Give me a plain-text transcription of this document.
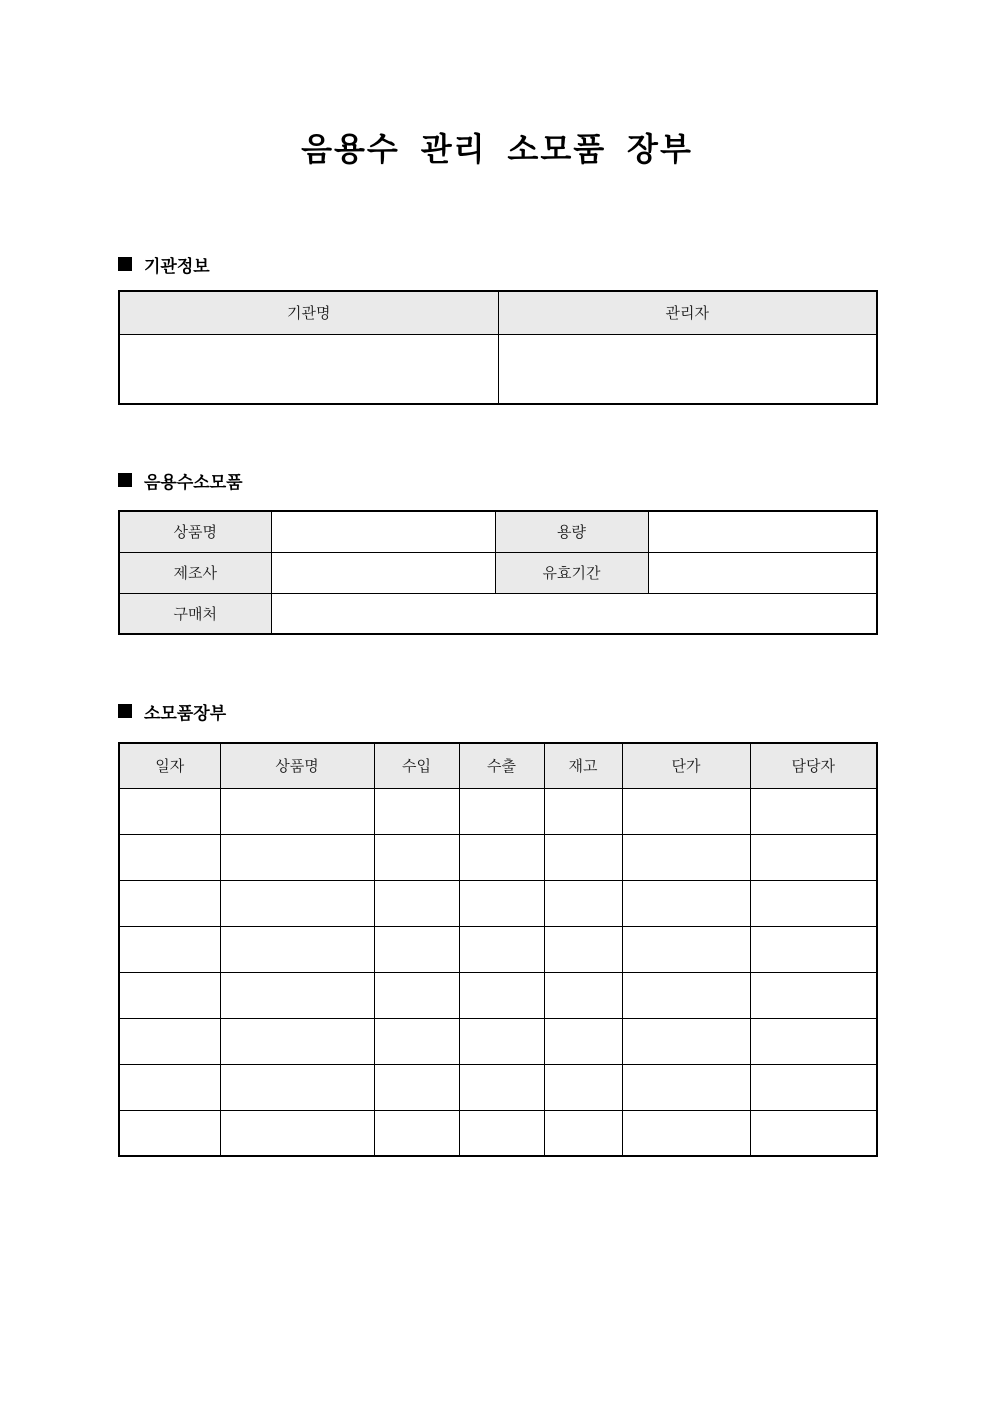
음용수 관리 소모품 장부
기관정보
기관명	관리자

음용수소모품
상품명		용량	
제조사		유효기간	
구매처			
소모품장부
일자	상품명	수입	수출	재고	단가	담당자
